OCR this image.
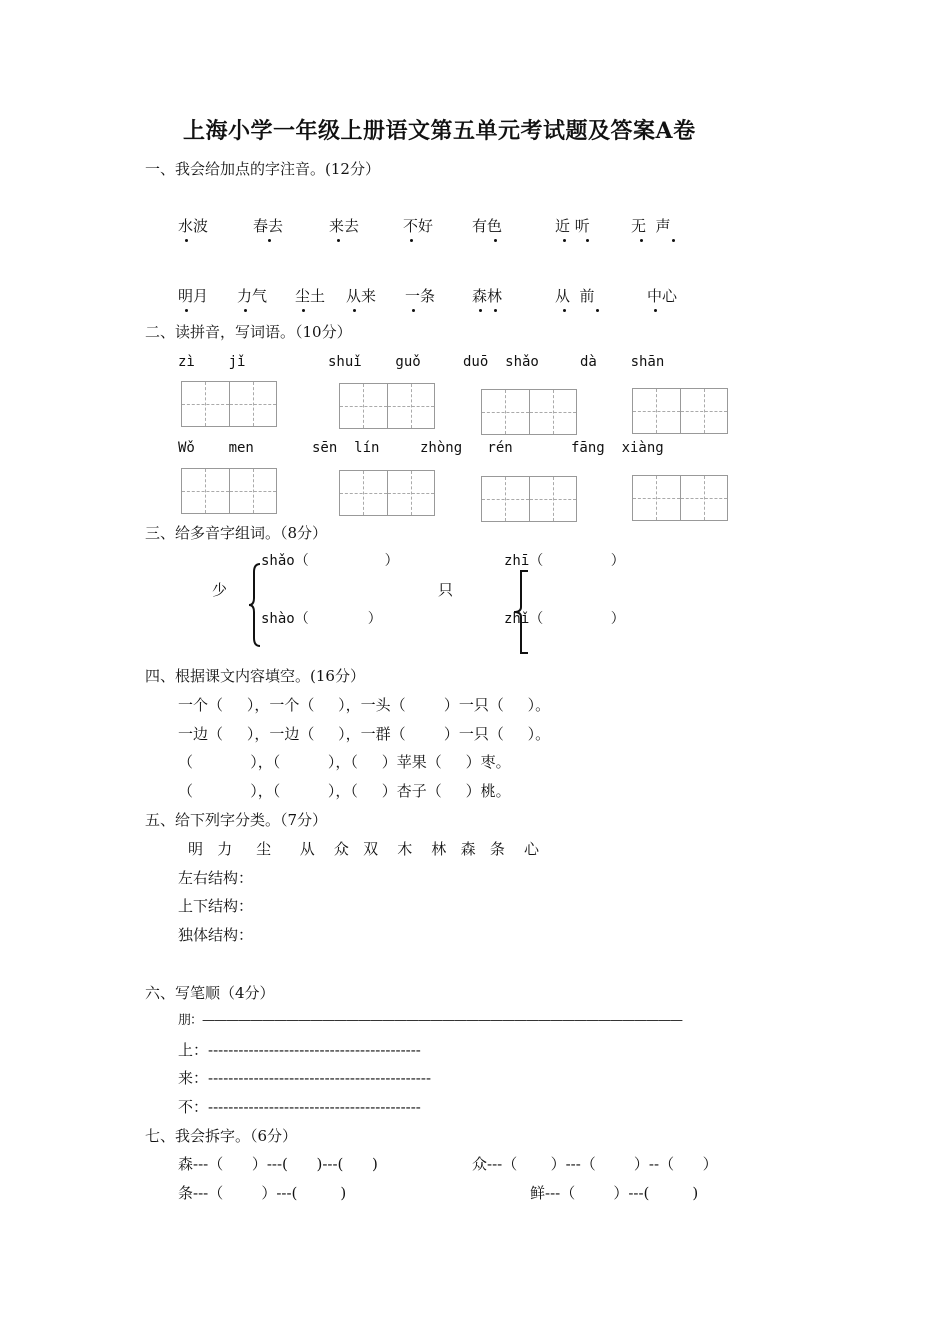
上海小学一年级上册语文第五单元考试题及答案A卷
一、我会给加点的字注音。(12分）
水波	春去	来去	不好	有色	近 听	无  声
明月 力气 尘土 从来 一条 森林	从  前	中心
二、读拼音，写词语。（10分）
zì    jǐ	shuǐ    guǒ	duō  shǎo	dà    shān
Wǒ    men	sēn  lín	zhòng   rén	fāng  xiàng
三、给多音字组词。（8分）
少
shǎo（         ）
shào（       ）
只
zhī（        ）
zhǐ（        ）
四、根据课文内容填空。(16分）
一个（     ），一个（     ），一头（        ）一只（     ）。
一边（     ），一边（     ），一群（        ）一只（     ）。
（            ），（          ），（     ）苹果（     ）枣。
（            ），（          ），（     ）杏子（     ）桃。
五、给下列字分类。（7分）
明   力     尘      从    众   双    木    林   森   条    心
左右结构：
上下结构：
独体结构：
六、写笔顺（4分）
朋：————————————————————————————————————————
上：------------------------------------------
来：--------------------------------------------
不：------------------------------------------
七、我会拆字。（6分）
森---（      ）---(      )---(      )	众---（       ）---（        ）--（      ）
条---（        ）---(         )	鲜---（        ）---(         )
